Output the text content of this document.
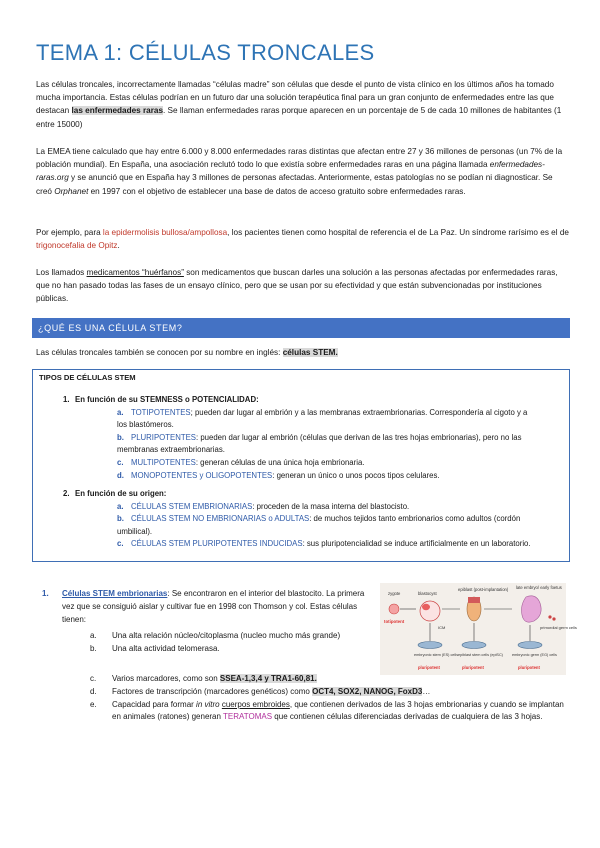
TEMA 1: CÉLULAS TRONCALES

Las células troncales, incorrectamente llamadas “células madre” son células que desde el punto de vista clínico en los últimos años ha tomado mucha importancia. Estas células podrían en un futuro dar una solución terapéutica final para un gran conjunto de enfermedades entre las que destacan las enfermedades raras. Se llaman enfermedades raras porque aparecen en un porcentaje de 5 de cada 10 millones de habitantes (1 entre 15000)

La EMEA tiene calculado que hay entre 6.000 y 8.000 enfermedades raras distintas que afectan entre 27 y 36 millones de personas (un 7% de la población mundial). En España, una asociación reclutó todo lo que existía sobre enfermedades raras en una página llamada enfermedades-raras.org y se anunció que en España hay 3 millones de personas afectadas. Anteriormente, estas patologías no se podían ni diagnosticar. Se creó Orphanet en 1997 con el objetivo de establecer una base de datos de acceso gratuito sobre enfermedades raras.

Por ejemplo, para la epidermolisis bullosa/ampollosa, los pacientes tienen como hospital de referencia el de La Paz. Un síndrome rarísimo es el de trigonocefalia de Opitz.

Los llamados medicamentos “huérfanos” son medicamentos que buscan darles una solución a las personas afectadas por enfermedades raras, que no han pasado todas las fases de un ensayo clínico, pero que se usan por su efectividad y que están subvencionadas por instituciones públicas.

¿QUÉ ES UNA CÉLULA STEM?

Las células troncales también se conocen por su nombre en inglés: células STEM.

TIPOS DE CÉLULAS STEM
1. En función de su STEMNESS o POTENCIALIDAD:
a. TOTIPOTENTES; pueden dar lugar al embrión y a las membranas extraembrionarias. Correspondería al cigoto y a los blastómeros.
b. PLURIPOTENTES: pueden dar lugar al embrión (células que derivan de las tres hojas embrionarias), pero no las membranas extraembrionarias.
c. MULTIPOTENTES: generan células de una única hoja embrionaria.
d. MONOPOTENTES y OLIGOPOTENTES: generan un único o unos pocos tipos celulares.
2. En función de su origen:
a. CÉLULAS STEM EMBRIONARIAS: proceden de la masa interna del blastocisto.
b. CÉLULAS STEM NO EMBRIONARIAS o ADULTAS: de muchos tejidos tanto embrionarios como adultos (cordón umbilical).
c. CÉLULAS STEM PLURIPOTENTES INDUCIDAS: sus pluripotencialidad se induce artificialmente en un laboratorio.
1. Células STEM embrionarias: Se encontraron en el interior del blastocito. La primera vez que se consiguió aislar y cultivar fue en 1998 con Thomson y col. Estas células tienen:
a. Una alta relación núcleo/citoplasma (nucleo mucho más grande)
b. Una alta actividad telomerasa.
c. Varios marcadores, como son SSEA-1,3,4 y TRA1-60,81.
d. Factores de transcripción (marcadores genéticos) como OCT4, SOX2, NANOG, FoxD3…
e. Capacidad para formar in vitro cuerpos embroides, que contienen derivados de las 3 hojas embrionarias y cuando se implantan en animales (ratones) generan TERATOMAS que contienen células diferenciadas derivadas de cualquiera de las 3 hojas.
zygote	blastocyst
epiblast (post-implantation) late embryo/ early foetus
totipotent
ICM	primordial germ cells
embryonic stem (ES) cells epiblast stem cells (epiSC) embryonic germ (EG) cells
pluripotent	pluripotent	pluripotent
